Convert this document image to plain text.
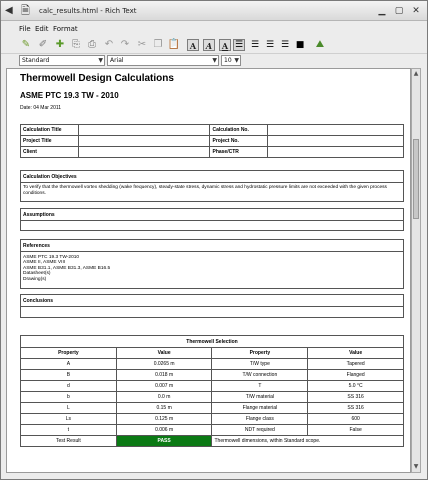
◀ 🗎 calc_results.html - Rich Text	▁	▢ ✕
File Edit Format
✎ ✐ ✚ ⎘ ⎙ ↶ ↷ ✂ ❐ 📋	A	A	A ☰ ☰ ☰ ☰ ■ ⛰
Standard	▼	Arial	▼	10 ▼
Thermowell Design Calculations
ASME PTC 19.3 TW - 2010
Date: 04 Mar 2011
Calculation Title		Calculation No.	
Project Title		Project No.	
Client		Phase/CTR	
Calculation Objectives
To verify that the thermowell vortex shedding (wake frequency), steady-state stress, dynamic stress and hydrostatic pressure limits are not exceeded with the given process conditions.
Assumptions
References
ASME PTC 19.3 TW-2010
ASME II, ASME VIII
ASME B31.1, ASME B31.3, ASME B16.5
Datasheet(s)
Drawing(s)
Conclusions
Thermowell Selection			
Property	Value	Property	Value
A	0.0265 m	T/W type	Tapered
B	0.018 m	T/W connection	Flanged
d	0.007 m	T	5.0 °C
b	0.0 m	T/W material	SS 316
L	0.15 m	Flange material	SS 316
Ls	0.125 m	Flange class	600
t	0.006 m	NDT required	False
Test Result	PASS	Thermowell dimensions, within Standard scope.	
▲
▼
